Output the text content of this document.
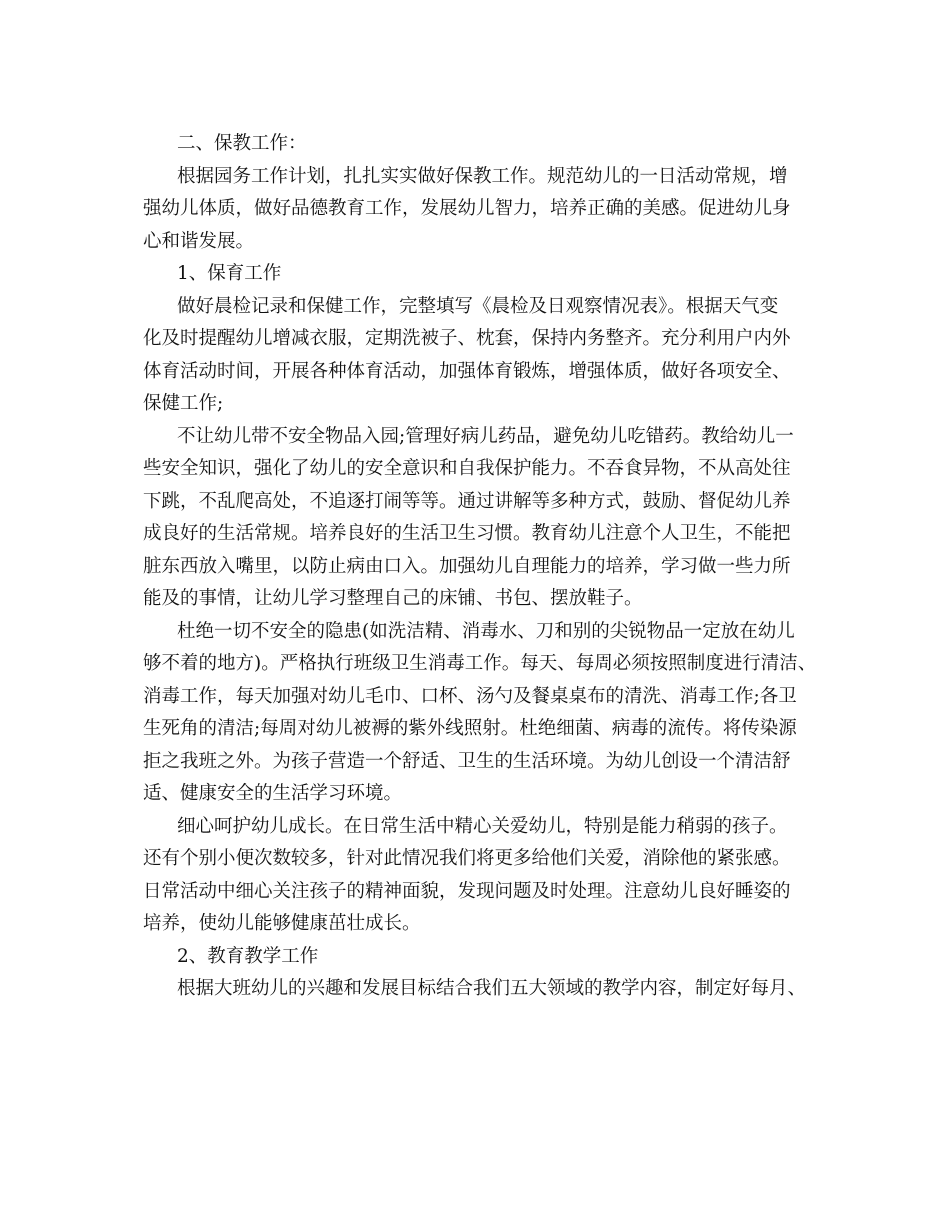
二、保教工作：
根据园务工作计划，扎扎实实做好保教工作。规范幼儿的一日活动常规，增
强幼儿体质，做好品德教育工作，发展幼儿智力，培养正确的美感。促进幼儿身
心和谐发展。
1、保育工作
做好晨检记录和保健工作，完整填写《晨检及日观察情况表》。根据天气变
化及时提醒幼儿增减衣服，定期洗被子、枕套，保持内务整齐。充分利用户内外
体育活动时间，开展各种体育活动，加强体育锻炼，增强体质，做好各项安全、
保健工作;
不让幼儿带不安全物品入园;管理好病儿药品，避免幼儿吃错药。教给幼儿一
些安全知识，强化了幼儿的安全意识和自我保护能力。不吞食异物，不从高处往
下跳，不乱爬高处，不追逐打闹等等。通过讲解等多种方式，鼓励、督促幼儿养
成良好的生活常规。培养良好的生活卫生习惯。教育幼儿注意个人卫生，不能把
脏东西放入嘴里，以防止病由口入。加强幼儿自理能力的培养，学习做一些力所
能及的事情，让幼儿学习整理自己的床铺、书包、摆放鞋子。
杜绝一切不安全的隐患(如洗洁精、消毒水、刀和别的尖锐物品一定放在幼儿
够不着的地方)。严格执行班级卫生消毒工作。每天、每周必须按照制度进行清洁、
消毒工作，每天加强对幼儿毛巾、口杯、汤勺及餐桌桌布的清洗、消毒工作;各卫
生死角的清洁;每周对幼儿被褥的紫外线照射。杜绝细菌、病毒的流传。将传染源
拒之我班之外。为孩子营造一个舒适、卫生的生活环境。为幼儿创设一个清洁舒
适、健康安全的生活学习环境。
细心呵护幼儿成长。在日常生活中精心关爱幼儿，特别是能力稍弱的孩子。
还有个别小便次数较多，针对此情况我们将更多给他们关爱，消除他的紧张感。
日常活动中细心关注孩子的精神面貌，发现问题及时处理。注意幼儿良好睡姿的
培养，使幼儿能够健康茁壮成长。
2、教育教学工作
根据大班幼儿的兴趣和发展目标结合我们五大领域的教学内容，制定好每月、
